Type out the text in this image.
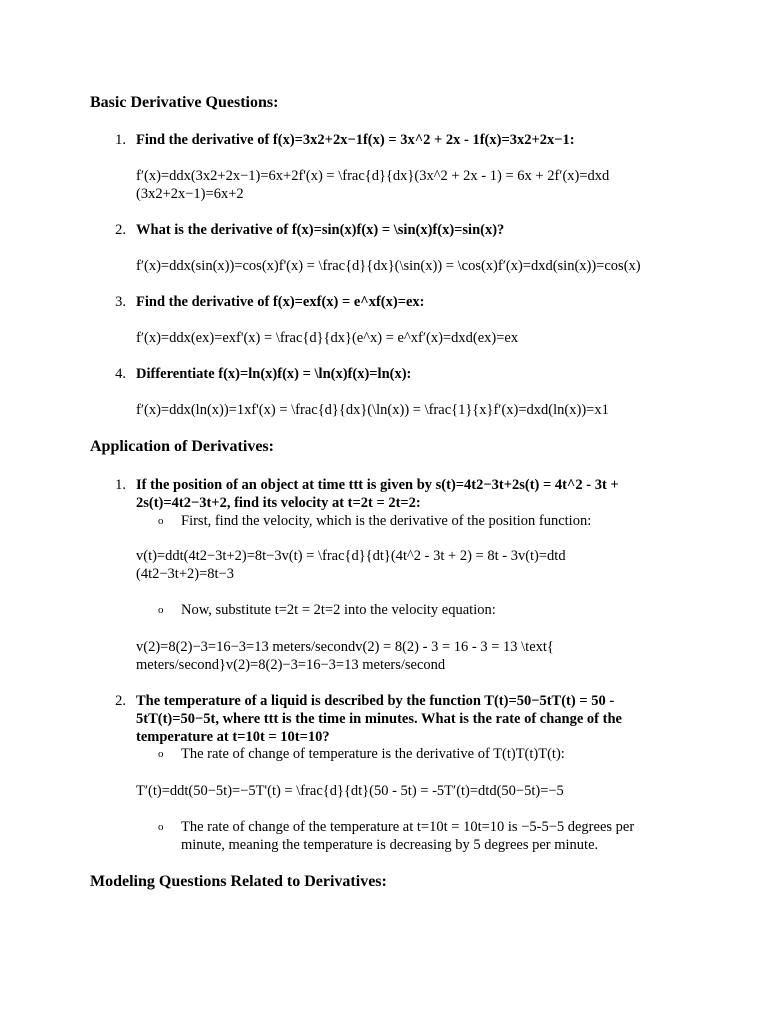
Basic Derivative Questions:
1. Find the derivative of f(x)=3x2+2x−1f(x) = 3x^2 + 2x - 1f(x)=3x2+2x−1:
f′(x)=ddx(3x2+2x−1)=6x+2f'(x) = \frac{d}{dx}(3x^2 + 2x - 1) = 6x + 2f′(x)=dxd
(3x2+2x−1)=6x+2
2. What is the derivative of f(x)=sin(x)f(x) = \sin(x)f(x)=sin(x)?
f′(x)=ddx(sin(x))=cos(x)f'(x) = \frac{d}{dx}(\sin(x)) = \cos(x)f′(x)=dxd(sin(x))=cos(x)
3. Find the derivative of f(x)=exf(x) = e^xf(x)=ex:
f′(x)=ddx(ex)=exf'(x) = \frac{d}{dx}(e^x) = e^xf′(x)=dxd(ex)=ex
4. Differentiate f(x)=ln(x)f(x) = \ln(x)f(x)=ln(x):
f′(x)=ddx(ln(x))=1xf'(x) = \frac{d}{dx}(\ln(x)) = \frac{1}{x}f′(x)=dxd(ln(x))=x1
Application of Derivatives:
1. If the position of an object at time ttt is given by s(t)=4t2−3t+2s(t) = 4t^2 - 3t +
2s(t)=4t2−3t+2, find its velocity at t=2t = 2t=2:
o First, find the velocity, which is the derivative of the position function:
v(t)=ddt(4t2−3t+2)=8t−3v(t) = \frac{d}{dt}(4t^2 - 3t + 2) = 8t - 3v(t)=dtd
(4t2−3t+2)=8t−3
o Now, substitute t=2t = 2t=2 into the velocity equation:
v(2)=8(2)−3=16−3=13 meters/secondv(2) = 8(2) - 3 = 16 - 3 = 13 \text{
meters/second}v(2)=8(2)−3=16−3=13 meters/second
2. The temperature of a liquid is described by the function T(t)=50−5tT(t) = 50 -
5tT(t)=50−5t, where ttt is the time in minutes. What is the rate of change of the
temperature at t=10t = 10t=10?
o The rate of change of temperature is the derivative of T(t)T(t)T(t):
T′(t)=ddt(50−5t)=−5T'(t) = \frac{d}{dt}(50 - 5t) = -5T′(t)=dtd(50−5t)=−5
o The rate of change of the temperature at t=10t = 10t=10 is −5-5−5 degrees per
minute, meaning the temperature is decreasing by 5 degrees per minute.
Modeling Questions Related to Derivatives:
